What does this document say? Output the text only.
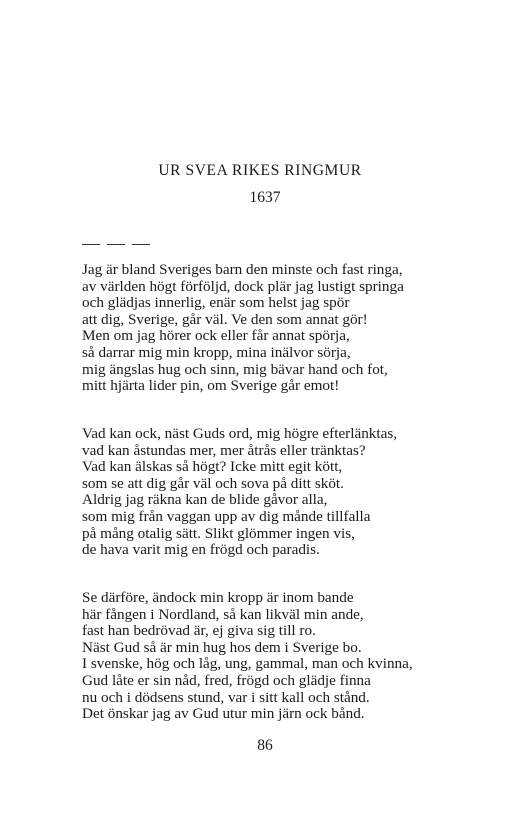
UR SVEA RIKES RINGMUR
1637
Jag är bland Sveriges barn den minste och fast ringa,
av världen högt förföljd, dock plär jag lustigt springa
och glädjas innerlig, enär som helst jag spör
att dig, Sverige, går väl. Ve den som annat gör!
Men om jag hörer ock eller får annat spörja,
så darrar mig min kropp, mina inälvor sörja,
mig ängslas hug och sinn, mig bävar hand och fot,
mitt hjärta lider pin, om Sverige går emot!
Vad kan ock, näst Guds ord, mig högre efterlänktas,
vad kan åstundas mer, mer åtrås eller tränktas?
Vad kan älskas så högt? Icke mitt egit kött,
som se att dig går väl och sova på ditt sköt.
Aldrig jag räkna kan de blide gåvor alla,
som mig från vaggan upp av dig månde tillfalla
på mång otalig sätt. Slikt glömmer ingen vis,
de hava varit mig en frögd och paradis.
Se därföre, ändock min kropp är inom bande
här fången i Nordland, så kan likväl min ande,
fast han bedrövad är, ej giva sig till ro.
Näst Gud så är min hug hos dem i Sverige bo.
I svenske, hög och låg, ung, gammal, man och kvinna,
Gud låte er sin nåd, fred, frögd och glädje finna
nu och i dödsens stund, var i sitt kall och stånd.
Det önskar jag av Gud utur min järn ock bånd.
86
